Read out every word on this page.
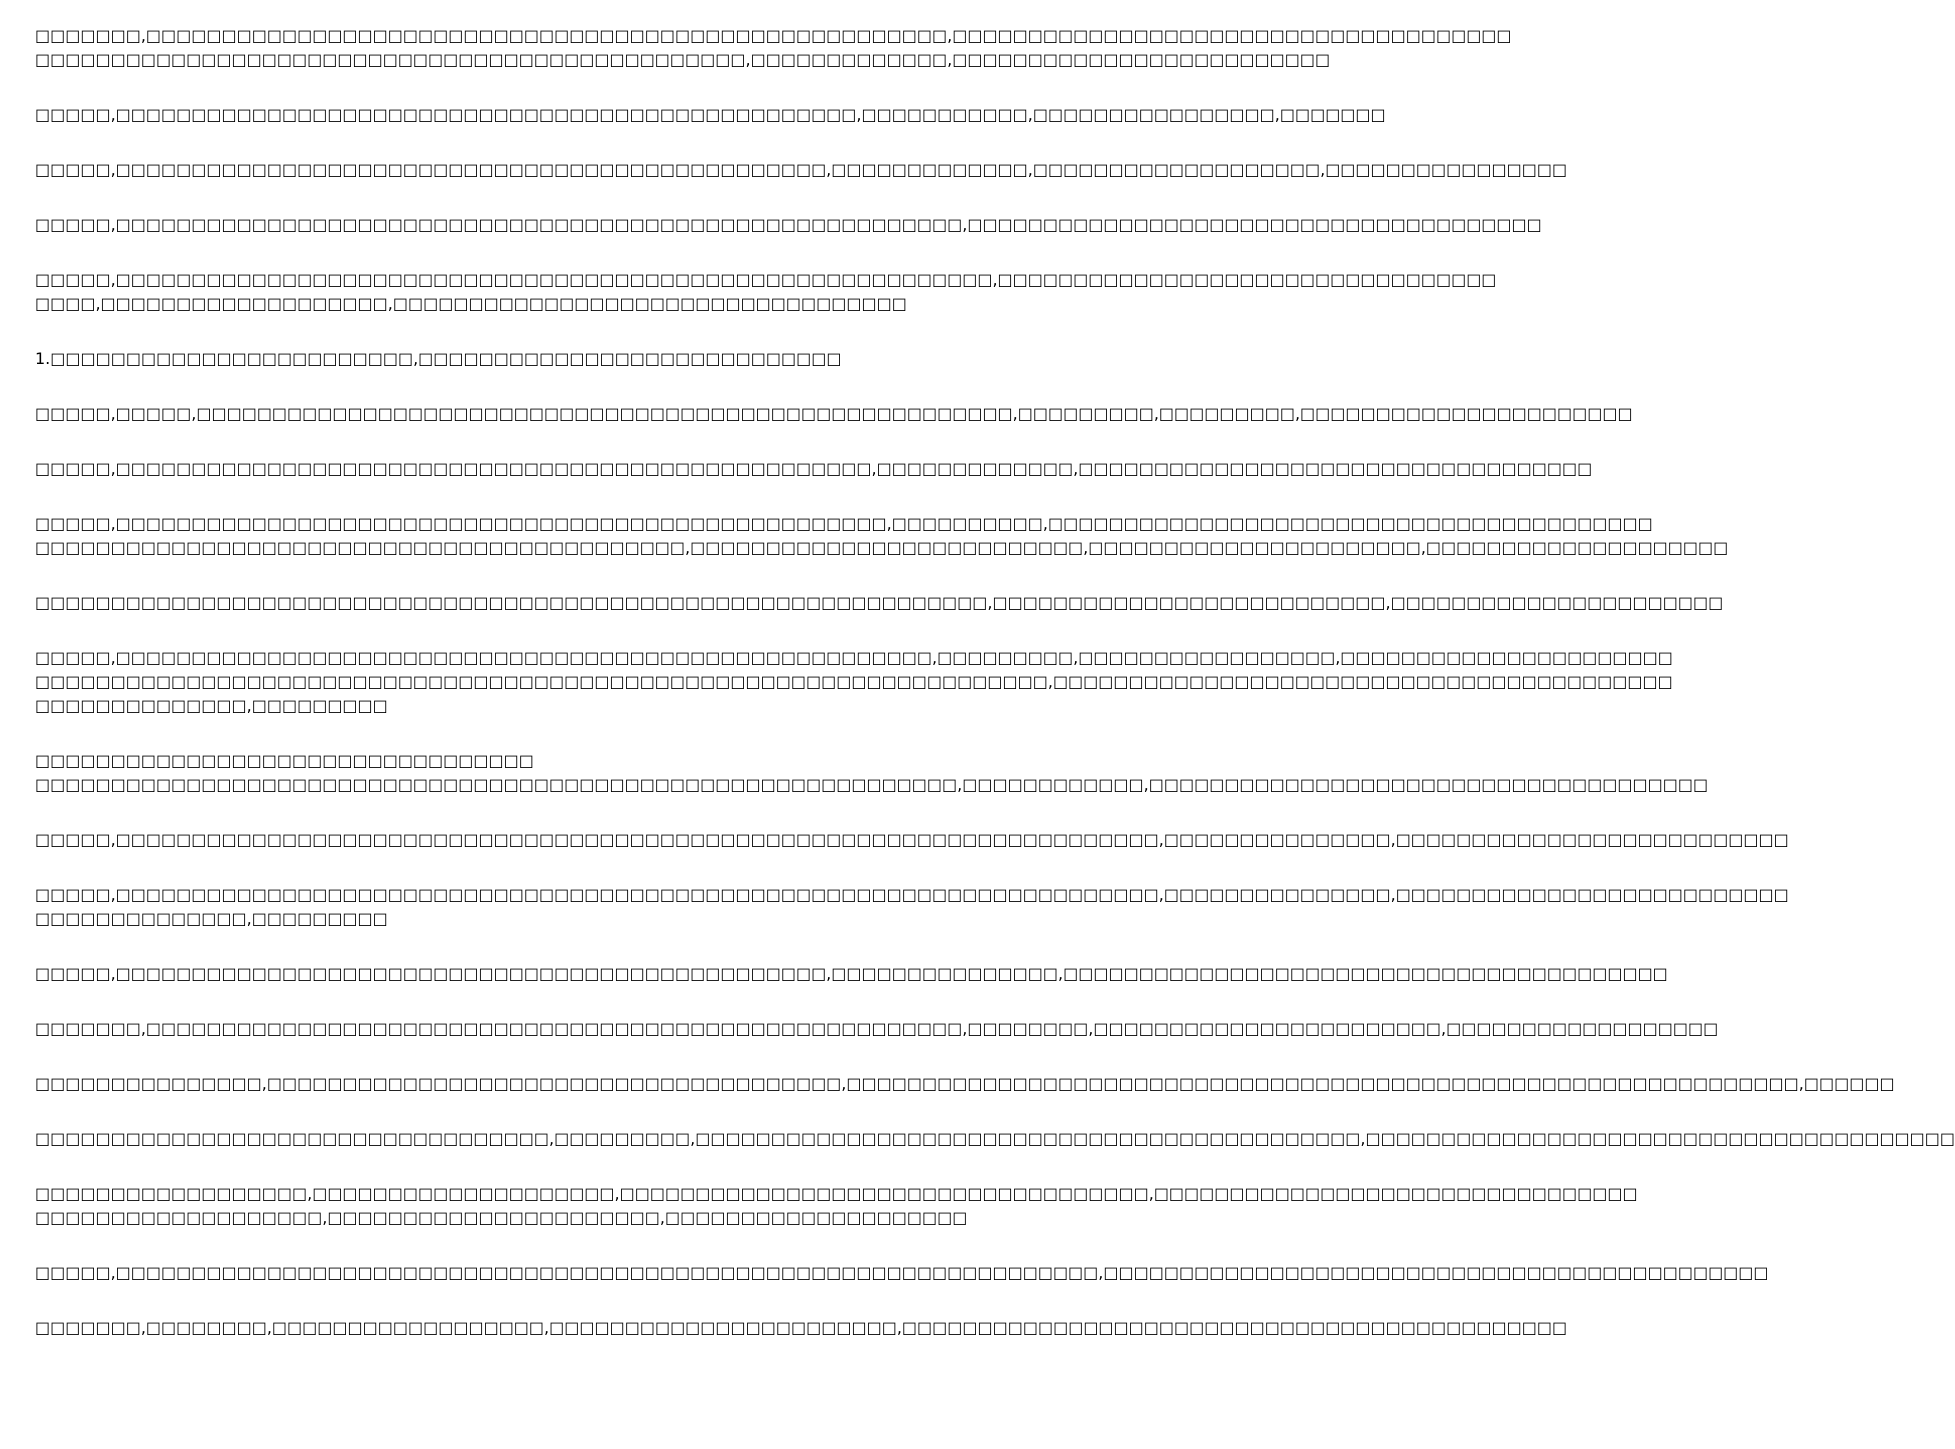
□□□□□□□,□□□□□□□□□□□□□□□□□□□□□□□□□□□□□□□□□□□□□□□□□□□□□□□□□□□□□,□□□□□□□□□□□□□□□□□□□□□□□□□□□□□□□□□□□□□
□□□□□□□□□□□□□□□□□□□□□□□□□□□□□□□□□□□□□□□□□□□□□□□,□□□□□□□□□□□□□,□□□□□□□□□□□□□□□□□□□□□□□□□

□□□□□,□□□□□□□□□□□□□□□□□□□□□□□□□□□□□□□□□□□□□□□□□□□□□□□□□,□□□□□□□□□□□,□□□□□□□□□□□□□□□□,□□□□□□□

□□□□□,□□□□□□□□□□□□□□□□□□□□□□□□□□□□□□□□□□□□□□□□□□□□□□□,□□□□□□□□□□□□□,□□□□□□□□□□□□□□□□□□□,□□□□□□□□□□□□□□□□

□□□□□,□□□□□□□□□□□□□□□□□□□□□□□□□□□□□□□□□□□□□□□□□□□□□□□□□□□□□□□□,□□□□□□□□□□□□□□□□□□□□□□□□□□□□□□□□□□□□□□

□□□□□,□□□□□□□□□□□□□□□□□□□□□□□□□□□□□□□□□□□□□□□□□□□□□□□□□□□□□□□□□□,□□□□□□□□□□□□□□□□□□□□□□□□□□□□□□□□□
□□□□,□□□□□□□□□□□□□□□□□□□,□□□□□□□□□□□□□□□□□□□□□□□□□□□□□□□□□□

1.□□□□□□□□□□□□□□□□□□□□□□□□,□□□□□□□□□□□□□□□□□□□□□□□□□□□□

□□□□□,□□□□□,□□□□□□□□□□□□□□□□□□□□□□□□□□□□□□□□□□□□□□□□□□□□□□□□□□□□□□,□□□□□□□□□,□□□□□□□□□,□□□□□□□□□□□□□□□□□□□□□□

□□□□□,□□□□□□□□□□□□□□□□□□□□□□□□□□□□□□□□□□□□□□□□□□□□□□□□□□,□□□□□□□□□□□□□,□□□□□□□□□□□□□□□□□□□□□□□□□□□□□□□□□□

□□□□□,□□□□□□□□□□□□□□□□□□□□□□□□□□□□□□□□□□□□□□□□□□□□□□□□□□□,□□□□□□□□□□,□□□□□□□□□□□□□□□□□□□□□□□□□□□□□□□□□□□□□□□□
□□□□□□□□□□□□□□□□□□□□□□□□□□□□□□□□□□□□□□□□□□□,□□□□□□□□□□□□□□□□□□□□□□□□□□,□□□□□□□□□□□□□□□□□□□□□□,□□□□□□□□□□□□□□□□□□□□

□□□□□□□□□□□□□□□□□□□□□□□□□□□□□□□□□□□□□□□□□□□□□□□□□□□□□□□□□□□□□□□,□□□□□□□□□□□□□□□□□□□□□□□□□□,□□□□□□□□□□□□□□□□□□□□□□

□□□□□,□□□□□□□□□□□□□□□□□□□□□□□□□□□□□□□□□□□□□□□□□□□□□□□□□□□□□□,□□□□□□□□□,□□□□□□□□□□□□□□□□□,□□□□□□□□□□□□□□□□□□□□□□
□□□□□□□□□□□□□□□□□□□□□□□□□□□□□□□□□□□□□□□□□□□□□□□□□□□□□□□□□□□□□□□□□□□,□□□□□□□□□□□□□□□□□□□□□□□□□□□□□□□□□□□□□□□□□
□□□□□□□□□□□□□□,□□□□□□□□□

□□□□□□□□□□□□□□□□□□□□□□□□□□□□□□□□□
□□□□□□□□□□□□□□□□□□□□□□□□□□□□□□□□□□□□□□□□□□□□□□□□□□□□□□□□□□□□□,□□□□□□□□□□□□,□□□□□□□□□□□□□□□□□□□□□□□□□□□□□□□□□□□□□

□□□□□,□□□□□□□□□□□□□□□□□□□□□□□□□□□□□□□□□□□□□□□□□□□□□□□□□□□□□□□□□□□□□□□□□□□□□,□□□□□□□□□□□□□□□,□□□□□□□□□□□□□□□□□□□□□□□□□□

□□□□□,□□□□□□□□□□□□□□□□□□□□□□□□□□□□□□□□□□□□□□□□□□□□□□□□□□□□□□□□□□□□□□□□□□□□□,□□□□□□□□□□□□□□□,□□□□□□□□□□□□□□□□□□□□□□□□□□
□□□□□□□□□□□□□□,□□□□□□□□□

□□□□□,□□□□□□□□□□□□□□□□□□□□□□□□□□□□□□□□□□□□□□□□□□□□□□□,□□□□□□□□□□□□□□□,□□□□□□□□□□□□□□□□□□□□□□□□□□□□□□□□□□□□□□□□

□□□□□□□,□□□□□□□□□□□□□□□□□□□□□□□□□□□□□□□□□□□□□□□□□□□□□□□□□□□□□□,□□□□□□□□,□□□□□□□□□□□□□□□□□□□□□□□,□□□□□□□□□□□□□□□□□□

□□□□□□□□□□□□□□□,□□□□□□□□□□□□□□□□□□□□□□□□□□□□□□□□□□□□□□,□□□□□□□□□□□□□□□□□□□□□□□□□□□□□□□□□□□□□□□□□□□□□□□□□□□□□□□□□□□□□□□,□□□□□□

□□□□□□□□□□□□□□□□□□□□□□□□□□□□□□□□□□,□□□□□□□□□,□□□□□□□□□□□□□□□□□□□□□□□□□□□□□□□□□□□□□□□□□□□□,□□□□□□□□□□□□□□□□□□□□□□□□□□□□□□□□□□□□□□□

□□□□□□□□□□□□□□□□□□,□□□□□□□□□□□□□□□□□□□□,□□□□□□□□□□□□□□□□□□□□□□□□□□□□□□□□□□□,□□□□□□□□□□□□□□□□□□□□□□□□□□□□□□□□
□□□□□□□□□□□□□□□□□□□,□□□□□□□□□□□□□□□□□□□□□□,□□□□□□□□□□□□□□□□□□□□

□□□□□,□□□□□□□□□□□□□□□□□□□□□□□□□□□□□□□□□□□□□□□□□□□□□□□□□□□□□□□□□□□□□□□□□,□□□□□□□□□□□□□□□□□□□□□□□□□□□□□□□□□□□□□□□□□□□□

□□□□□□□,□□□□□□□□,□□□□□□□□□□□□□□□□□□,□□□□□□□□□□□□□□□□□□□□□□□,□□□□□□□□□□□□□□□□□□□□□□□□□□□□□□□□□□□□□□□□□□□□
